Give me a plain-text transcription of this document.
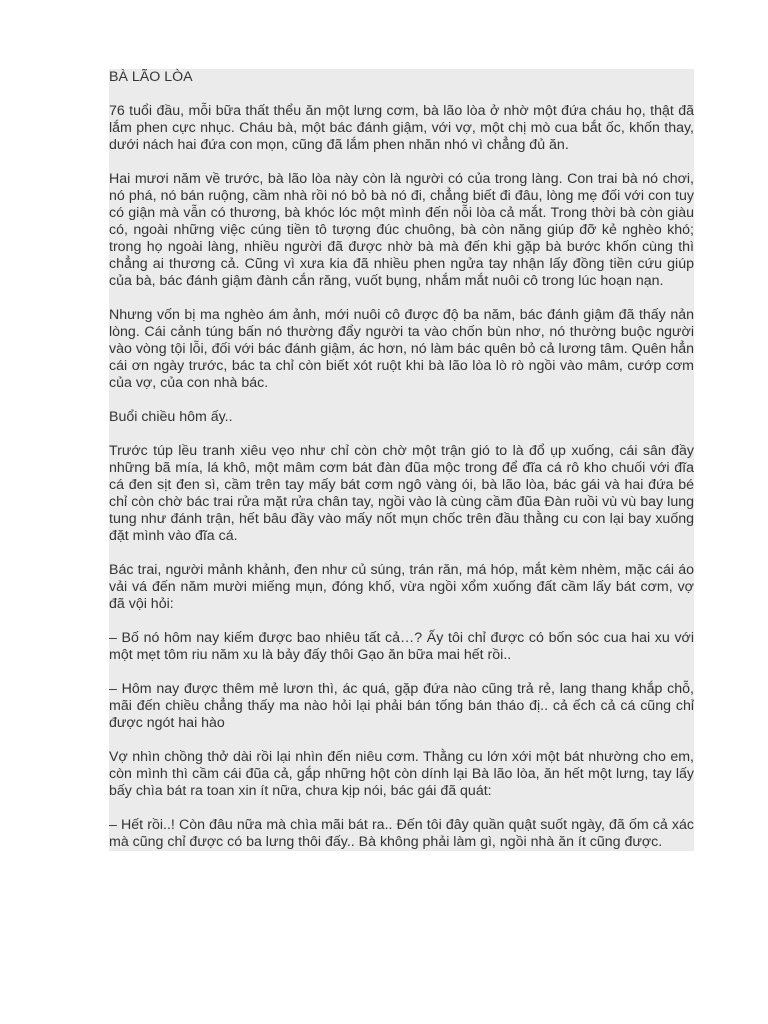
BÀ LÃO LÒA

76 tuổi đầu, mỗi bữa thất thểu ăn một lưng cơm, bà lão lòa ở nhờ một đứa cháu họ, thật đã lắm phen cực nhục. Cháu bà, một bác đánh giậm, với vợ, một chị mò cua bắt ốc, khốn thay, dưới nách hai đứa con mọn, cũng đã lắm phen nhăn nhó vì chẳng đủ ăn.

Hai mươi năm về trước, bà lão lòa này còn là người có của trong làng. Con trai bà nó chơi, nó phá, nó bán ruộng, cầm nhà rồi nó bỏ bà nó đi, chẳng biết đi đâu, lòng mẹ đối với con tuy có giận mà vẫn có thương, bà khóc lóc một mình đến nỗi lòa cả mắt. Trong thời bà còn giàu có, ngoài những việc cúng tiền tô tượng đúc chuông, bà còn năng giúp đỡ kẻ nghèo khó; trong họ ngoài làng, nhiều người đã được nhờ bà mà đến khi gặp bà bước khốn cùng thì chẳng ai thương cả. Cũng vì xưa kia đã nhiều phen ngửa tay nhận lấy đồng tiền cứu giúp của bà, bác đánh giậm đành cắn răng, vuốt bụng, nhắm mắt nuôi cô trong lúc hoạn nạn.

Nhưng vốn bị ma nghèo ám ảnh, mới nuôi cô được độ ba năm, bác đánh giậm đã thấy nản lòng. Cái cảnh túng bấn nó thường đẩy người ta vào chốn bùn nhơ, nó thường buộc người vào vòng tội lỗi, đối với bác đánh giậm, ác hơn, nó làm bác quên bỏ cả lương tâm. Quên hẳn cái ơn ngày trước, bác ta chỉ còn biết xót ruột khi bà lão lòa lò rò ngồi vào mâm, cướp cơm của vợ, của con nhà bác.

Buổi chiều hôm ấy..

Trước túp lều tranh xiêu vẹo như chỉ còn chờ một trận gió to là đổ ụp xuống, cái sân đầy những bã mía, lá khô, một mâm cơm bát đàn đũa mộc trong để đĩa cá rô kho chuối với đĩa cá đen sịt đen sì, cầm trên tay mấy bát cơm ngô vàng ói, bà lão lòa, bác gái và hai đứa bé chỉ còn chờ bác trai rửa mặt rửa chân tay, ngồi vào là cùng cầm đũa Đàn ruồi vù vù bay lung tung như đánh trận, hết bâu đầy vào mấy nốt mụn chốc trên đầu thằng cu con lại bay xuống đặt mình vào đĩa cá.

Bác trai, người mảnh khảnh, đen như củ súng, trán răn, má hóp, mắt kèm nhèm, mặc cái áo vải vá đến năm mười miếng mụn, đóng khố, vừa ngồi xổm xuống đất cầm lấy bát cơm, vợ đã vội hỏi:

– Bố nó hôm nay kiếm được bao nhiêu tất cả…? Ấy tôi chỉ được có bốn sóc cua hai xu với một mẹt tôm riu năm xu là bảy đấy thôi Gạo ăn bữa mai hết rồi..

– Hôm nay được thêm mẻ lươn thì, ác quá, gặp đứa nào cũng trả rẻ, lang thang khắp chỗ, mãi đến chiều chẳng thấy ma nào hỏi lại phải bán tống bán tháo đị.. cả ếch cả cá cũng chỉ được ngót hai hào

Vợ nhìn chồng thở dài rồi lại nhìn đến niêu cơm. Thằng cu lớn xới một bát nhường cho em, còn mình thì cầm cái đũa cả, gắp những hột còn dính lại Bà lão lòa, ăn hết một lưng, tay lấy bấy chìa bát ra toan xin ít nữa, chưa kịp nói, bác gái đã quát:

– Hết rồi..! Còn đâu nữa mà chìa mãi bát ra.. Đến tôi đây quần quật suốt ngày, đã ốm cả xác mà cũng chỉ được có ba lưng thôi đấy.. Bà không phải làm gì, ngồi nhà ăn ít cũng được.
